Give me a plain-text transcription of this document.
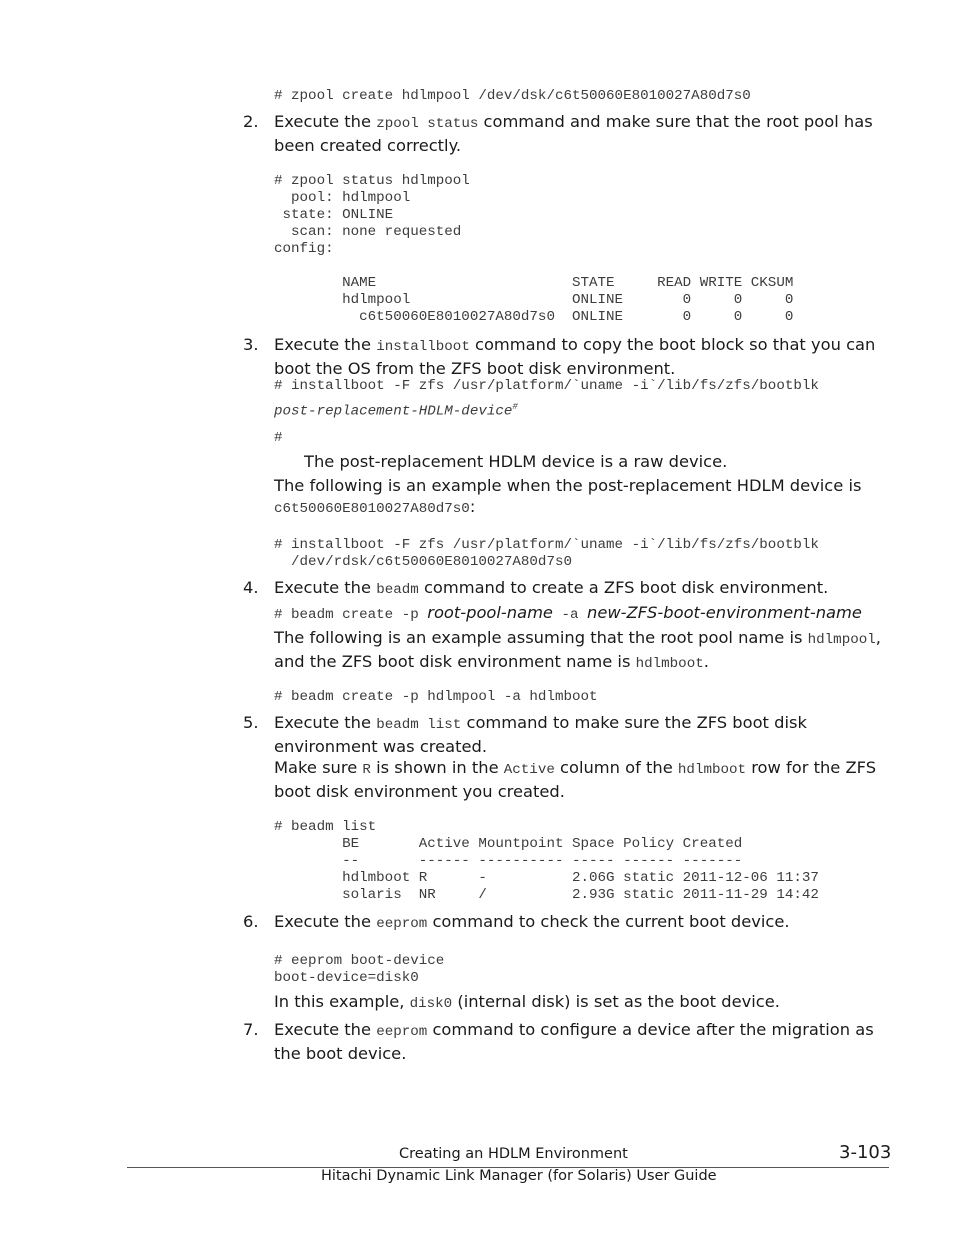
# zpool create hdlmpool /dev/dsk/c6t50060E8010027A80d7s0
2. Execute the zpool status command and make sure that the root pool has been created correctly.
# zpool status hdlmpool
pool: hdlmpool
state: ONLINE
scan: none requested
config:

NAME                       STATE     READ WRITE CKSUM
hdlmpool                   ONLINE       0     0     0
c6t50060E8010027A80d7s0  ONLINE       0     0     0
3. Execute the installboot command to copy the boot block so that you can boot the OS from the ZFS boot disk environment.
# installboot -F zfs /usr/platform/`uname -i`/lib/fs/zfs/bootblk
post-replacement-HDLM-device#
#
The post-replacement HDLM device is a raw device.
The following is an example when the post-replacement HDLM device is c6t50060E8010027A80d7s0:
# installboot -F zfs /usr/platform/`uname -i`/lib/fs/zfs/bootblk
/dev/rdsk/c6t50060E8010027A80d7s0
4. Execute the beadm command to create a ZFS boot disk environment.
# beadm create -p root-pool-name -a new-ZFS-boot-environment-name
The following is an example assuming that the root pool name is hdlmpool, and the ZFS boot disk environment name is hdlmboot.
# beadm create -p hdlmpool -a hdlmboot
5. Execute the beadm list command to make sure the ZFS boot disk environment was created.
Make sure R is shown in the Active column of the hdlmboot row for the ZFS boot disk environment you created.
# beadm list
BE       Active Mountpoint Space Policy Created
--       ------ ---------- ----- ------ -------
hdlmboot R      -          2.06G static 2011-12-06 11:37
solaris  NR     /          2.93G static 2011-11-29 14:42
6. Execute the eeprom command to check the current boot device.
# eeprom boot-device
boot-device=disk0
In this example, disk0 (internal disk) is set as the boot device.
7. Execute the eeprom command to configure a device after the migration as the boot device.
Creating an HDLM Environment	3-103
Hitachi Dynamic Link Manager (for Solaris) User Guide
